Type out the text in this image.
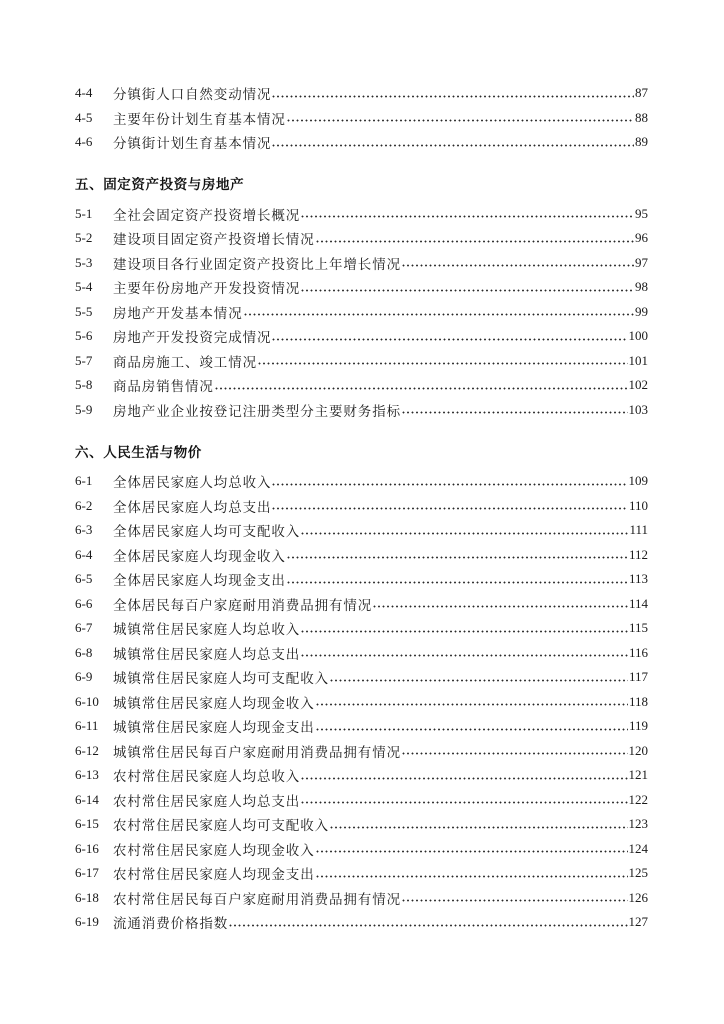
4-4	分镇街人口自然变动情况	87
4-5	主要年份计划生育基本情况	88
4-6	分镇街计划生育基本情况	89
五、固定资产投资与房地产
5-1	全社会固定资产投资增长概况	95
5-2	建设项目固定资产投资增长情况	96
5-3	建设项目各行业固定资产投资比上年增长情况	97
5-4	主要年份房地产开发投资情况	98
5-5	房地产开发基本情况	99
5-6	房地产开发投资完成情况	100
5-7	商品房施工、竣工情况	101
5-8	商品房销售情况	102
5-9	房地产业企业按登记注册类型分主要财务指标	103
六、人民生活与物价
6-1	全体居民家庭人均总收入	109
6-2	全体居民家庭人均总支出	110
6-3	全体居民家庭人均可支配收入	111
6-4	全体居民家庭人均现金收入	112
6-5	全体居民家庭人均现金支出	113
6-6	全体居民每百户家庭耐用消费品拥有情况	114
6-7	城镇常住居民家庭人均总收入	115
6-8	城镇常住居民家庭人均总支出	116
6-9	城镇常住居民家庭人均可支配收入	117
6-10	城镇常住居民家庭人均现金收入	118
6-11	城镇常住居民家庭人均现金支出	119
6-12	城镇常住居民每百户家庭耐用消费品拥有情况	120
6-13	农村常住居民家庭人均总收入	121
6-14	农村常住居民家庭人均总支出	122
6-15	农村常住居民家庭人均可支配收入	123
6-16	农村常住居民家庭人均现金收入	124
6-17	农村常住居民家庭人均现金支出	125
6-18	农村常住居民每百户家庭耐用消费品拥有情况	126
6-19	流通消费价格指数	127
